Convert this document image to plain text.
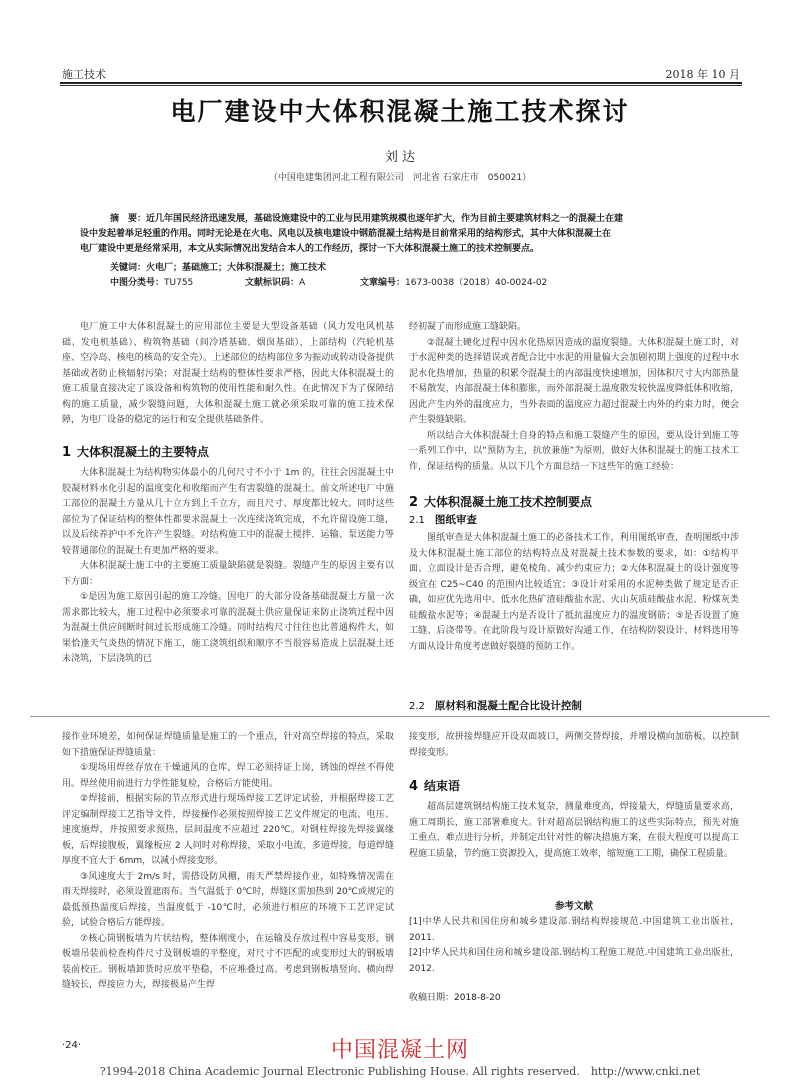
施工技术	2018 年 10 月
电厂建设中大体积混凝土施工技术探讨
刘 达
（中国电建集团河北工程有限公司　河北省 石家庄市　050021）
摘　要：近几年国民经济迅速发展，基础设施建设中的工业与民用建筑规模也逐年扩大，作为目前主要建筑材料之一的混凝土在建
设中发起着举足轻重的作用。同时无论是在火电、风电以及核电建设中钢筋混凝土结构是目前常采用的结构形式，其中大体积混凝土在
电厂建设中更是经常采用，本文从实际情况出发结合本人的工作经历，探讨一下大体积混凝土施工的技术控制要点。
关键词：火电厂；基础施工；大体积混凝土；施工技术
中图分类号：TU755	文献标识码：A	文章编号：1673-0038（2018）40-0024-02

电厂施工中大体积混凝土的应用部位主要是大型设备基础（风力发电风机基础、发电机基础）、构筑物基础（间冷塔基础、烟囱基础），上部结构（汽轮机基座、空冷岛、核电的核岛的安全壳）。上述部位的结构部位多为振动或转动设备提供基础或者防止核辐射污染；对混凝土结构的整体性要求严格，因此大体积混凝土的施工质量直接决定了该设备和构筑物的使用性能和耐久性。在此情况下为了保障结构的施工质量，减少裂缝问题，大体积混凝土施工就必须采取可靠的施工技术保障，为电厂设备的稳定的运行和安全提供基础条件。

1 大体积混凝土的主要特点

大体积混凝土为结构物实体最小的几何尺寸不小于 1m 的，往往会因混凝土中胶凝材料水化引起的温度变化和收缩而产生有害裂缝的混凝土。前文所述电厂中施工部位的混凝土方量从几十立方到上千立方，而且尺寸、厚度都比较大。同时这些部位为了保证结构的整体性都要求混凝土一次连续浇筑完成，不允许留设施工缝，以及后续养护中不允许产生裂缝。对结构施工中的混凝土搅拌、运输、泵送能力等较普通部位的混凝土有更加严格的要求。

大体积混凝土施工中的主要施工质量缺陷就是裂缝。裂缝产生的原因主要有以下方面：

①是因为施工原因引起的施工冷缝。因电厂的大部分设备基础混凝土方量一次需求都比较大，施工过程中必须要求可靠的混凝土供应量保证来防止浇筑过程中因为混凝土供应间断时间过长形成施工冷缝。同时结构尺寸往往也比普通构件大，如果恰逢天气炎热的情况下施工，施工浇筑组织和顺序不当很容易造成上层混凝土还未浇筑，下层浇筑的已

经初凝了而形成施工缝缺陷。

②混凝土硬化过程中因水化热原因造成的温度裂缝。大体积混凝土施工时，对于水泥种类的选择错误或者配合比中水泥的用量偏大会加剧初期上强度的过程中水泥水化热增加，热量的积累令混凝土的内部温度快速增加，因体积尺寸大内部热量不易散发，内部混凝土体积膨胀，而外部混凝土温度散发较快温度降低体积收缩，因此产生内外的温度应力，当外表面的温度应力超过混凝土内外的约束力时，便会产生裂缝缺陷。

所以结合大体积混凝土自身的特点和施工裂缝产生的原因，要从设计到施工等一系列工作中，以“预防为主，抗放兼施”为原则，做好大体积混凝土的施工技术工作，保证结构的质量。从以下几个方面总结一下这些年的施工经验：

2 大体积混凝土施工技术控制要点
2.1 图纸审查

图纸审查是大体积混凝土施工的必备技术工作，利用图纸审查，查明图纸中涉及大体积混凝土施工部位的结构特点及对混凝土技术参数的要求，如：①结构平面、立面设计是否合理，避免棱角、减少约束应力；②大体积混凝土的设计强度等级宜在 C25~C40 的范围内比较适宜；③设计对采用的水泥种类做了规定是否正确，如应优先选用中、低水化热矿渣硅酸盐水泥、火山灰质硅酸盐水泥、粉煤灰类硅酸盐水泥等；④混凝土内是否设计了抵抗温度应力的温度钢筋；⑤是否设置了施工缝、后浇带等。在此阶段与设计原做好沟通工作，在结构防裂设计、材料选用等方面从设计角度考虑做好裂缝的预防工作。

2.2 原材料和混凝土配合比设计控制

接作业环境差，如何保证焊缝质量是施工的一个重点，针对高空焊接的特点，采取如下措施保证焊缝质量：

①现场用焊丝存放在干燥通风的仓库，焊工必须持证上岗，锈蚀的焊丝不得使用。焊丝使用前进行力学性能复检，合格后方能使用。

②焊接前，根据实际的节点形式进行现场焊接工艺评定试验，并根据焊接工艺评定编制焊接工艺指导文件，焊接操作必须按照焊接工艺文件规定的电流、电压、速度施焊，并按照要求预热，层间温度不应超过 220℃。对钢柱焊接先焊接翼缘板，后焊接腹板，翼缘板应 2 人同时对称焊接，采取小电流，多道焊接，每道焊缝厚度不宜大于 6mm，以减小焊接变形。

③风速度大于 2m/s 时，需搭设防风棚，雨天严禁焊接作业，如特殊情况需在雨天焊接时，必须设置遮雨布。当气温低于 0℃时，焊缝区需加热到 20℃或规定的最低预热温度后焊接，当温度低于 -10℃时，必须进行相应的环境下工艺评定试验，试验合格后方能焊接。

⑦核心筒钢板墙为片状结构，整体刚度小，在运输及存放过程中容易变形，钢板墙吊装前检查构件尺寸及钢板墙的平整度，对尺寸不匹配的或变形过大的钢板墙装前校正。钢板墙卸货时应放平垫稳，不应堆叠过高。考虑到钢板墙竖向、横向焊缝较长，焊接应力大，焊接极易产生焊

接变形，故拼接焊缝应开设双面坡口，两侧交替焊接，并增设横向加筋板，以控制焊接变形。

4 结束语

超高层建筑钢结构施工技术复杂，测量难度高，焊接量大，焊缝质量要求高，施工周期长，施工部署难度大。针对超高层钢结构施工的这些实际特点，预先对施工重点、难点进行分析，并制定出针对性的解决措施方案，在很大程度可以提高工程施工质量，节约施工资源投入，提高施工效率，缩短施工工期，确保工程质量。

参考文献

[1]中华人民共和国住房和城乡建设部.钢结构焊接规范.中国建筑工业出版社，2011.

[2]中华人民共和国住房和城乡建设部.钢结构工程施工规范.中国建筑工业出版社，2012.

收稿日期：2018-8-20
·24·	中国混凝土网
?1994-2018 China Academic Journal Electronic Publishing House. All rights reserved.　http://www.cnki.net
